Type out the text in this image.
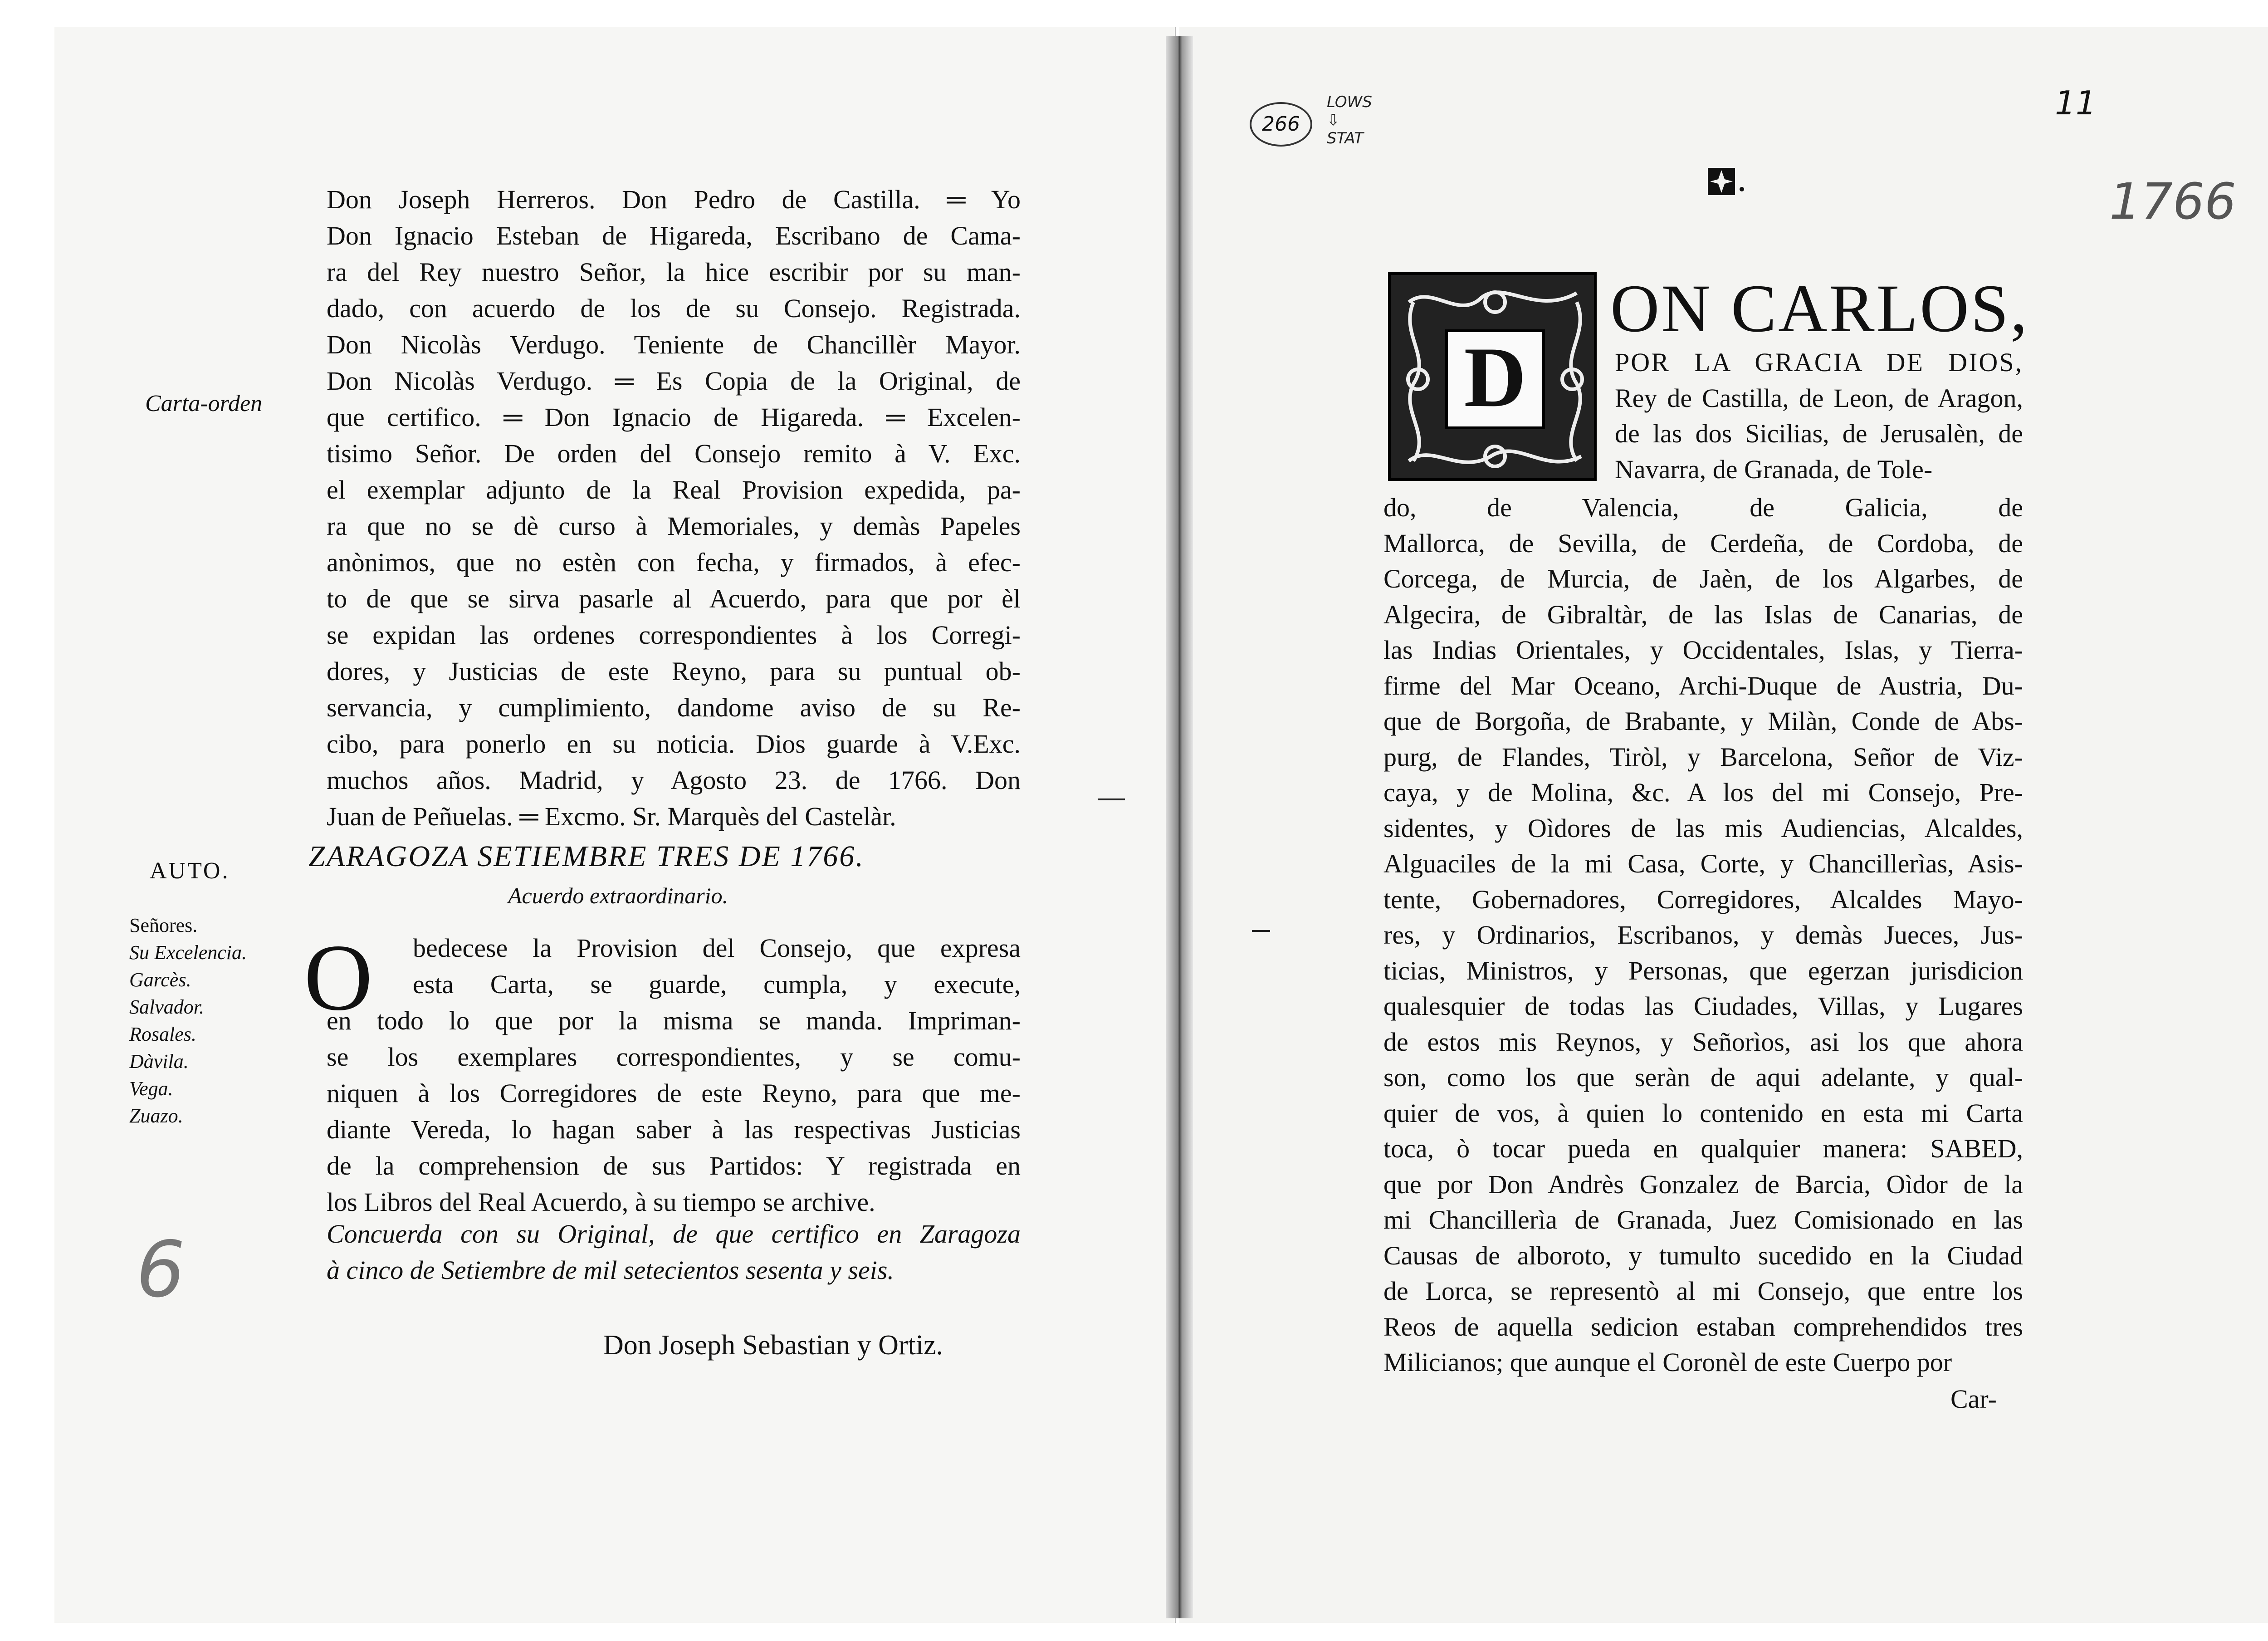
Don Joseph Herreros. Don Pedro de Castilla. ═ Yo
Don Ignacio Esteban de Higareda, Escribano de Cama-
ra del Rey nuestro Señor, la hice escribir por su man-
dado, con acuerdo de los de su Consejo. Registrada.
Don Nicolàs Verdugo. Teniente de Chancillèr Mayor.
Don Nicolàs Verdugo. ═ Es Copia de la Original, de
que certifico. ═ Don Ignacio de Higareda. ═ Excelen-
tisimo Señor. De orden del Consejo remito à V. Exc.
el exemplar adjunto de la Real Provision expedida, pa-
ra que no se dè curso à Memoriales, y demàs Papeles
anònimos, que no estèn con fecha, y firmados, à efec-
to de que se sirva pasarle al Acuerdo, para que por èl
se expidan las ordenes correspondientes à los Corregi-
dores, y Justicias de este Reyno, para su puntual ob-
servancia, y cumplimiento, dandome aviso de su Re-
cibo, para ponerlo en su noticia. Dios guarde à V.Exc.
muchos años. Madrid, y Agosto 23. de 1766. Don
Juan de Peñuelas. ═ Excmo. Sr. Marquès del Castelàr.
Carta-orden
AUTO.
Señores.
Su Excelencia.
Garcès.
Salvador.
Rosales.
Dàvila.
Vega.
Zuazo.
ZARAGOZA SETIEMBRE TRES DE 1766.
Acuerdo extraordinario.
O	bedecese la Provision del Consejo, que expresa
esta Carta, se guarde, cumpla, y execute,
en todo lo que por la misma se manda. Impriman-
se los exemplares correspondientes, y se comu-
niquen à los Corregidores de este Reyno, para que me-
diante Vereda, lo hagan saber à las respectivas Justicias
de la comprehension de sus Partidos: Y registrada en
los Libros del Real Acuerdo, à su tiempo se archive.
Concuerda con su Original, de que certifico en Zaragoza
à cinco de Setiembre de mil setecientos sesenta y seis.
Don Joseph Sebastian y Ortiz.
6
266
LOWS
⇩
STAT
11
1766
D
ON CARLOS,
POR LA GRACIA DE DIOS,
Rey de Castilla, de Leon, de Aragon,
de las dos Sicilias, de Jerusalèn, de
Navarra, de Granada, de Tole-
do, de Valencia, de Galicia, de
Mallorca, de Sevilla, de Cerdeña, de Cordoba, de
Corcega, de Murcia, de Jaèn, de los Algarbes, de
Algecira, de Gibraltàr, de las Islas de Canarias, de
las Indias Orientales, y Occidentales, Islas, y Tierra-
firme del Mar Oceano, Archi-Duque de Austria, Du-
que de Borgoña, de Brabante, y Milàn, Conde de Abs-
purg, de Flandes, Tiròl, y Barcelona, Señor de Viz-
caya, y de Molina, &c. A los del mi Consejo, Pre-
sidentes, y Oìdores de las mis Audiencias, Alcaldes,
Alguaciles de la mi Casa, Corte, y Chancillerìas, Asis-
tente, Gobernadores, Corregidores, Alcaldes Mayo-
res, y Ordinarios, Escribanos, y demàs Jueces, Jus-
ticias, Ministros, y Personas, que egerzan jurisdicion
qualesquier de todas las Ciudades, Villas, y Lugares
de estos mis Reynos, y Señorìos, asi los que ahora
son, como los que seràn de aqui adelante, y qual-
quier de vos, à quien lo contenido en esta mi Carta
toca, ò tocar pueda en qualquier manera: SABED,
que por Don Andrès Gonzalez de Barcia, Oìdor de la
mi Chancillerìa de Granada, Juez Comisionado en las
Causas de alboroto, y tumulto sucedido en la Ciudad
de Lorca, se representò al mi Consejo, que entre los
Reos de aquella sedicion estaban comprehendidos tres
Milicianos; que aunque el Coronèl de este Cuerpo por
Car-
